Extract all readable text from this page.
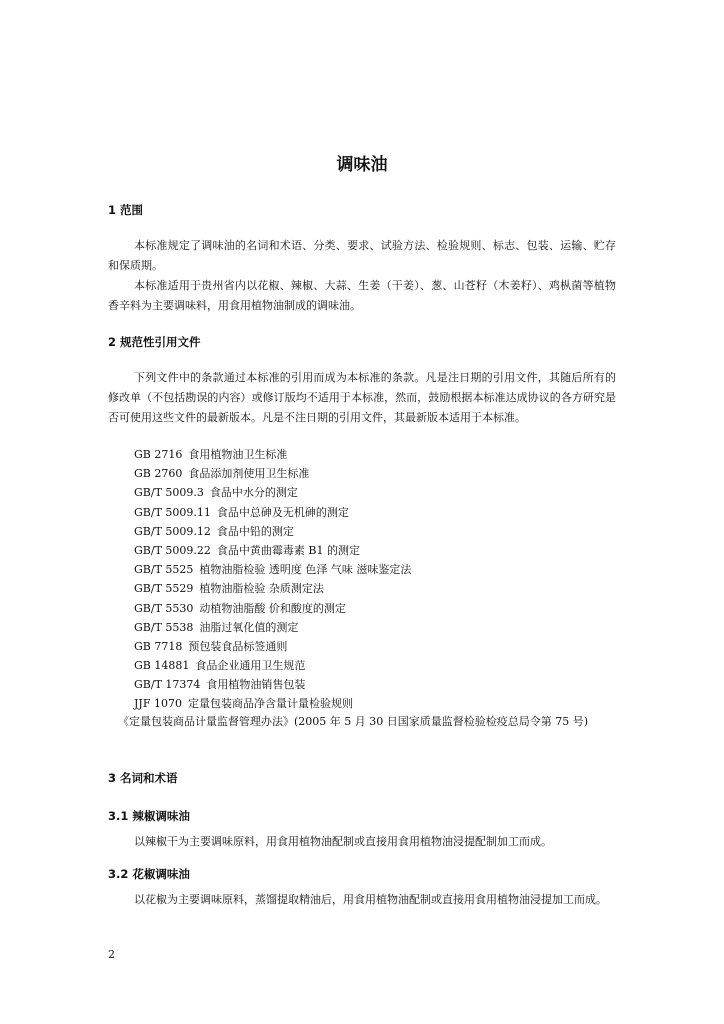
调味油
1 范围

本标准规定了调味油的名词和术语、分类、要求、试验方法、检验规则、标志、包装、运输、贮存和保质期。

本标准适用于贵州省内以花椒、辣椒、大蒜、生姜（干姜）、葱、山苍籽（木姜籽）、鸡枞菌等植物香辛料为主要调味料，用食用植物油制成的调味油。

2 规范性引用文件

下列文件中的条款通过本标准的引用而成为本标准的条款。凡是注日期的引用文件，其随后所有的修改单（不包括勘误的内容）或修订版均不适用于本标准，然而，鼓励根据本标准达成协议的各方研究是否可使用这些文件的最新版本。凡是不注日期的引用文件，其最新版本适用于本标准。

GB 2716 食用植物油卫生标准
GB 2760 食品添加剂使用卫生标准
GB/T 5009.3 食品中水分的测定
GB/T 5009.11 食品中总砷及无机砷的测定
GB/T 5009.12 食品中铅的测定
GB/T 5009.22 食品中黄曲霉毒素 B1 的测定
GB/T 5525 植物油脂检验 透明度 色泽 气味 滋味鉴定法
GB/T 5529 植物油脂检验 杂质测定法
GB/T 5530 动植物油脂酸 价和酸度的测定
GB/T 5538 油脂过氧化值的测定
GB 7718 预包装食品标签通则
GB 14881 食品企业通用卫生规范
GB/T 17374 食用植物油销售包装
JJF 1070 定量包装商品净含量计量检验规则
《定量包装商品计量监督管理办法》(2005 年 5 月 30 日国家质量监督检验检疫总局令第 75 号)
3 名词和术语
3.1 辣椒调味油

以辣椒干为主要调味原料，用食用植物油配制或直接用食用植物油浸提配制加工而成。

3.2 花椒调味油

以花椒为主要调味原料，蒸馏提取精油后，用食用植物油配制或直接用食用植物油浸提加工而成。

2
